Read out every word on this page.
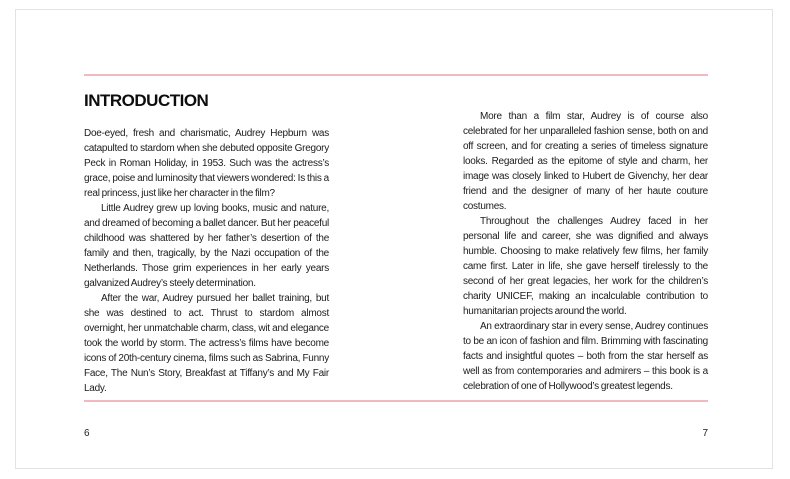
INTRODUCTION

Doe-eyed, fresh and charismatic, Audrey Hepburn was catapulted to stardom when she debuted opposite Gregory Peck in Roman Holiday, in 1953. Such was the actress’s grace, poise and luminosity that viewers wondered: Is this a real princess, just like her character in the film?

Little Audrey grew up loving books, music and nature, and dreamed of becoming a ballet dancer. But her peaceful childhood was shattered by her father’s desertion of the family and then, tragically, by the Nazi occupation of the Netherlands. Those grim experiences in her early years galvanized Audrey’s steely determination.

After the war, Audrey pursued her ballet training, but she was destined to act. Thrust to stardom almost overnight, her unmatchable charm, class, wit and elegance took the world by storm. The actress’s films have become icons of 20th-century cinema, films such as Sabrina, Funny Face, The Nun’s Story, Breakfast at Tiffany’s and My Fair Lady.

More than a film star, Audrey is of course also celebrated for her unparalleled fashion sense, both on and off screen, and for creating a series of timeless signature looks. Regarded as the epitome of style and charm, her image was closely linked to Hubert de Givenchy, her dear friend and the designer of many of her haute couture costumes.

Throughout the challenges Audrey faced in her personal life and career, she was dignified and always humble. Choosing to make relatively few films, her family came first. Later in life, she gave herself tirelessly to the second of her great legacies, her work for the children’s charity UNICEF, making an incalculable contribution to humanitarian projects around the world.

An extraordinary star in every sense, Audrey continues to be an icon of fashion and film. Brimming with fascinating facts and insightful quotes – both from the star herself as well as from contemporaries and admirers – this book is a celebration of one of Hollywood’s greatest legends.

6	7
